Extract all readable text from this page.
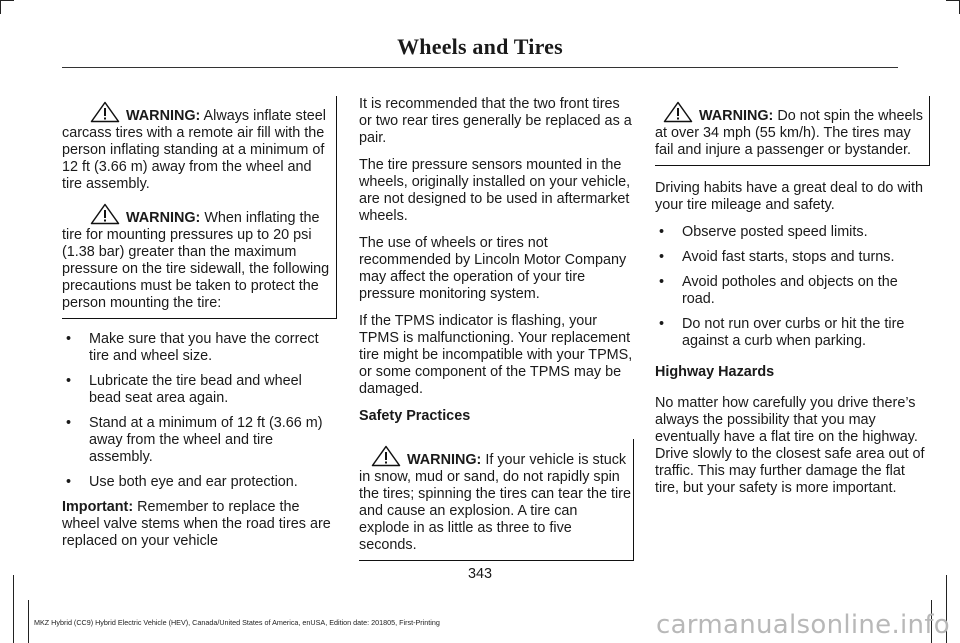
Wheels and Tires
WARNING: Always inflate steel carcass tires with a remote air fill with the person inflating standing at a minimum of 12 ft (3.66 m) away from the wheel and tire assembly.
WARNING: When inflating the tire for mounting pressures up to 20 psi (1.38 bar) greater than the maximum pressure on the tire sidewall, the following precautions must be taken to protect the person mounting the tire:
• Make sure that you have the correct tire and wheel size.
• Lubricate the tire bead and wheel bead seat area again.
• Stand at a minimum of 12 ft (3.66 m) away from the wheel and tire assembly.
• Use both eye and ear protection.

Important: Remember to replace the wheel valve stems when the road tires are replaced on your vehicle

It is recommended that the two front tires or two rear tires generally be replaced as a pair.

The tire pressure sensors mounted in the wheels, originally installed on your vehicle, are not designed to be used in aftermarket wheels.

The use of wheels or tires not recommended by Lincoln Motor Company may affect the operation of your tire pressure monitoring system.

If the TPMS indicator is flashing, your TPMS is malfunctioning. Your replacement tire might be incompatible with your TPMS, or some component of the TPMS may be damaged.

Safety Practices

WARNING: If your vehicle is stuck in snow, mud or sand, do not rapidly spin the tires; spinning the tires can tear the tire and cause an explosion. A tire can explode in as little as three to five seconds.
WARNING: Do not spin the wheels at over 34 mph (55 km/h). The tires may fail and injure a passenger or bystander.

Driving habits have a great deal to do with your tire mileage and safety.

• Observe posted speed limits.
• Avoid fast starts, stops and turns.
• Avoid potholes and objects on the road.
• Do not run over curbs or hit the tire against a curb when parking.

Highway Hazards

No matter how carefully you drive there’s always the possibility that you may eventually have a flat tire on the highway. Drive slowly to the closest safe area out of traffic. This may further damage the flat tire, but your safety is more important.

343
MKZ Hybrid (CC9) Hybrid Electric Vehicle (HEV), Canada/United States of America, enUSA, Edition date: 201805, First-Printing	carmanualsonline.info
